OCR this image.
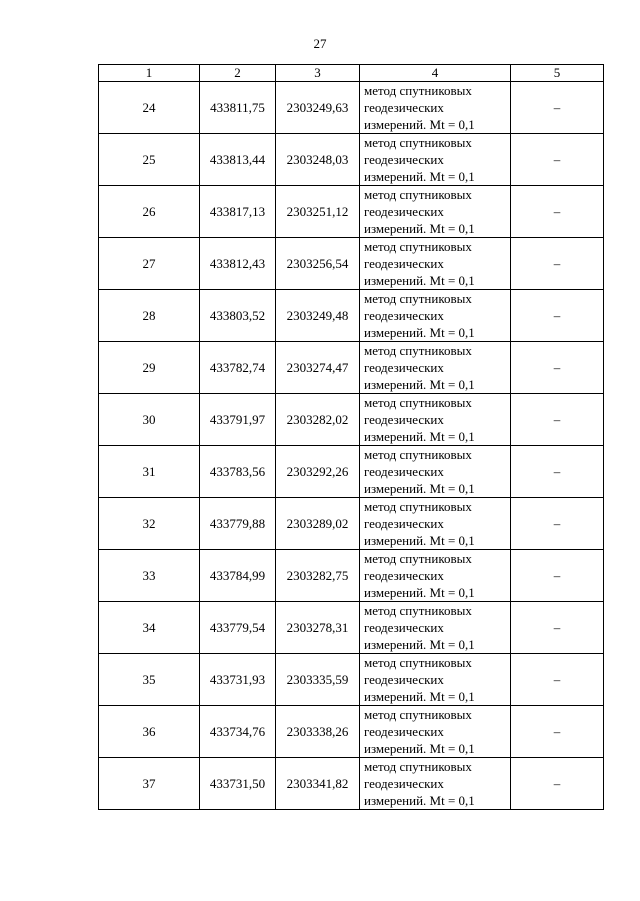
27
1	2	3	4	5
24	433811,75	2303249,63	метод спутниковых
геодезических
измерений. Mt = 0,1	–
25	433813,44	2303248,03	метод спутниковых
геодезических
измерений. Mt = 0,1	–
26	433817,13	2303251,12	метод спутниковых
геодезических
измерений. Mt = 0,1	–
27	433812,43	2303256,54	метод спутниковых
геодезических
измерений. Mt = 0,1	–
28	433803,52	2303249,48	метод спутниковых
геодезических
измерений. Mt = 0,1	–
29	433782,74	2303274,47	метод спутниковых
геодезических
измерений. Mt = 0,1	–
30	433791,97	2303282,02	метод спутниковых
геодезических
измерений. Mt = 0,1	–
31	433783,56	2303292,26	метод спутниковых
геодезических
измерений. Mt = 0,1	–
32	433779,88	2303289,02	метод спутниковых
геодезических
измерений. Mt = 0,1	–
33	433784,99	2303282,75	метод спутниковых
геодезических
измерений. Mt = 0,1	–
34	433779,54	2303278,31	метод спутниковых
геодезических
измерений. Mt = 0,1	–
35	433731,93	2303335,59	метод спутниковых
геодезических
измерений. Mt = 0,1	–
36	433734,76	2303338,26	метод спутниковых
геодезических
измерений. Mt = 0,1	–
37	433731,50	2303341,82	метод спутниковых
геодезических
измерений. Mt = 0,1	–
